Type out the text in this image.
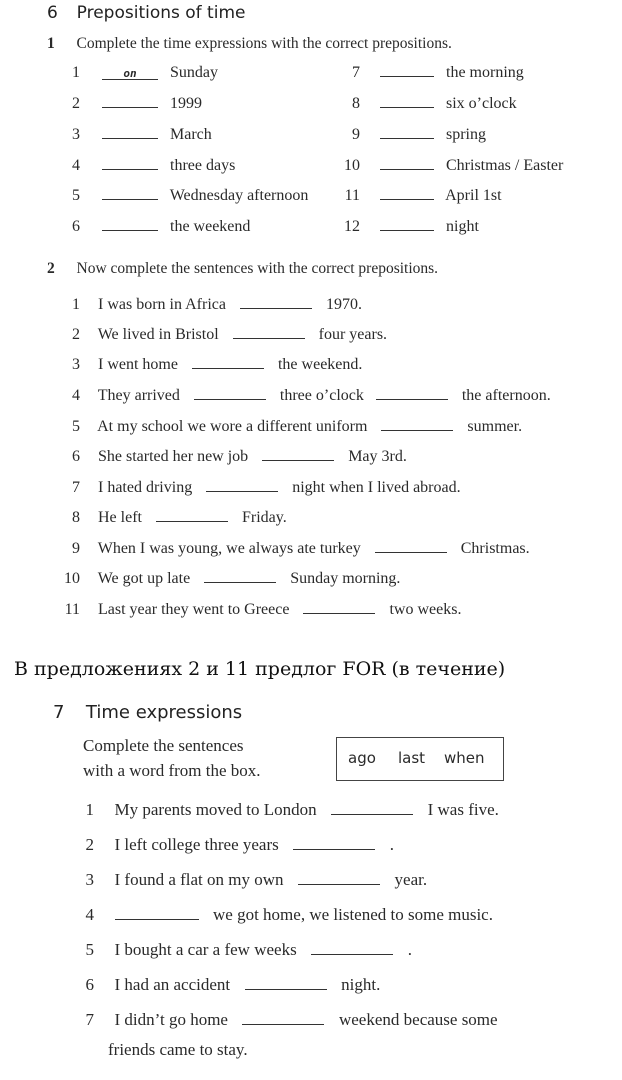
6 Prepositions of time
1 Complete the time expressions with the correct prepositions.
1	on Sunday
2	1999
3	March
4	three days
5	Wednesday afternoon
6	the weekend
7	the morning
8	six o’clock
9	spring
10	Christmas / Easter
11	April 1st
12	night
2 Now complete the sentences with the correct prepositions.
1 I was born in Africa	1970.
2 We lived in Bristol	four years.
3 I went home	the weekend.
4 They arrived	three o’clock	the afternoon.
5 At my school we wore a different uniform	summer.
6 She started her new job	May 3rd.
7 I hated driving	night when I lived abroad.
8 He left	Friday.
9 When I was young, we always ate turkey	Christmas.
10 We got up late	Sunday morning.
11 Last year they went to Greece	two weeks.
В предложениях 2 и 11 предлог FOR (в течение)
7 Time expressions
Complete the sentences
with a word from the box.
ago last when
1 My parents moved to London	I was five.
2 I left college three years	.
3 I found a flat on my own	year.
4	we got home, we listened to some music.
5 I bought a car a few weeks	.
6 I had an accident	night.
7 I didn’t go home	weekend because some
friends came to stay.
